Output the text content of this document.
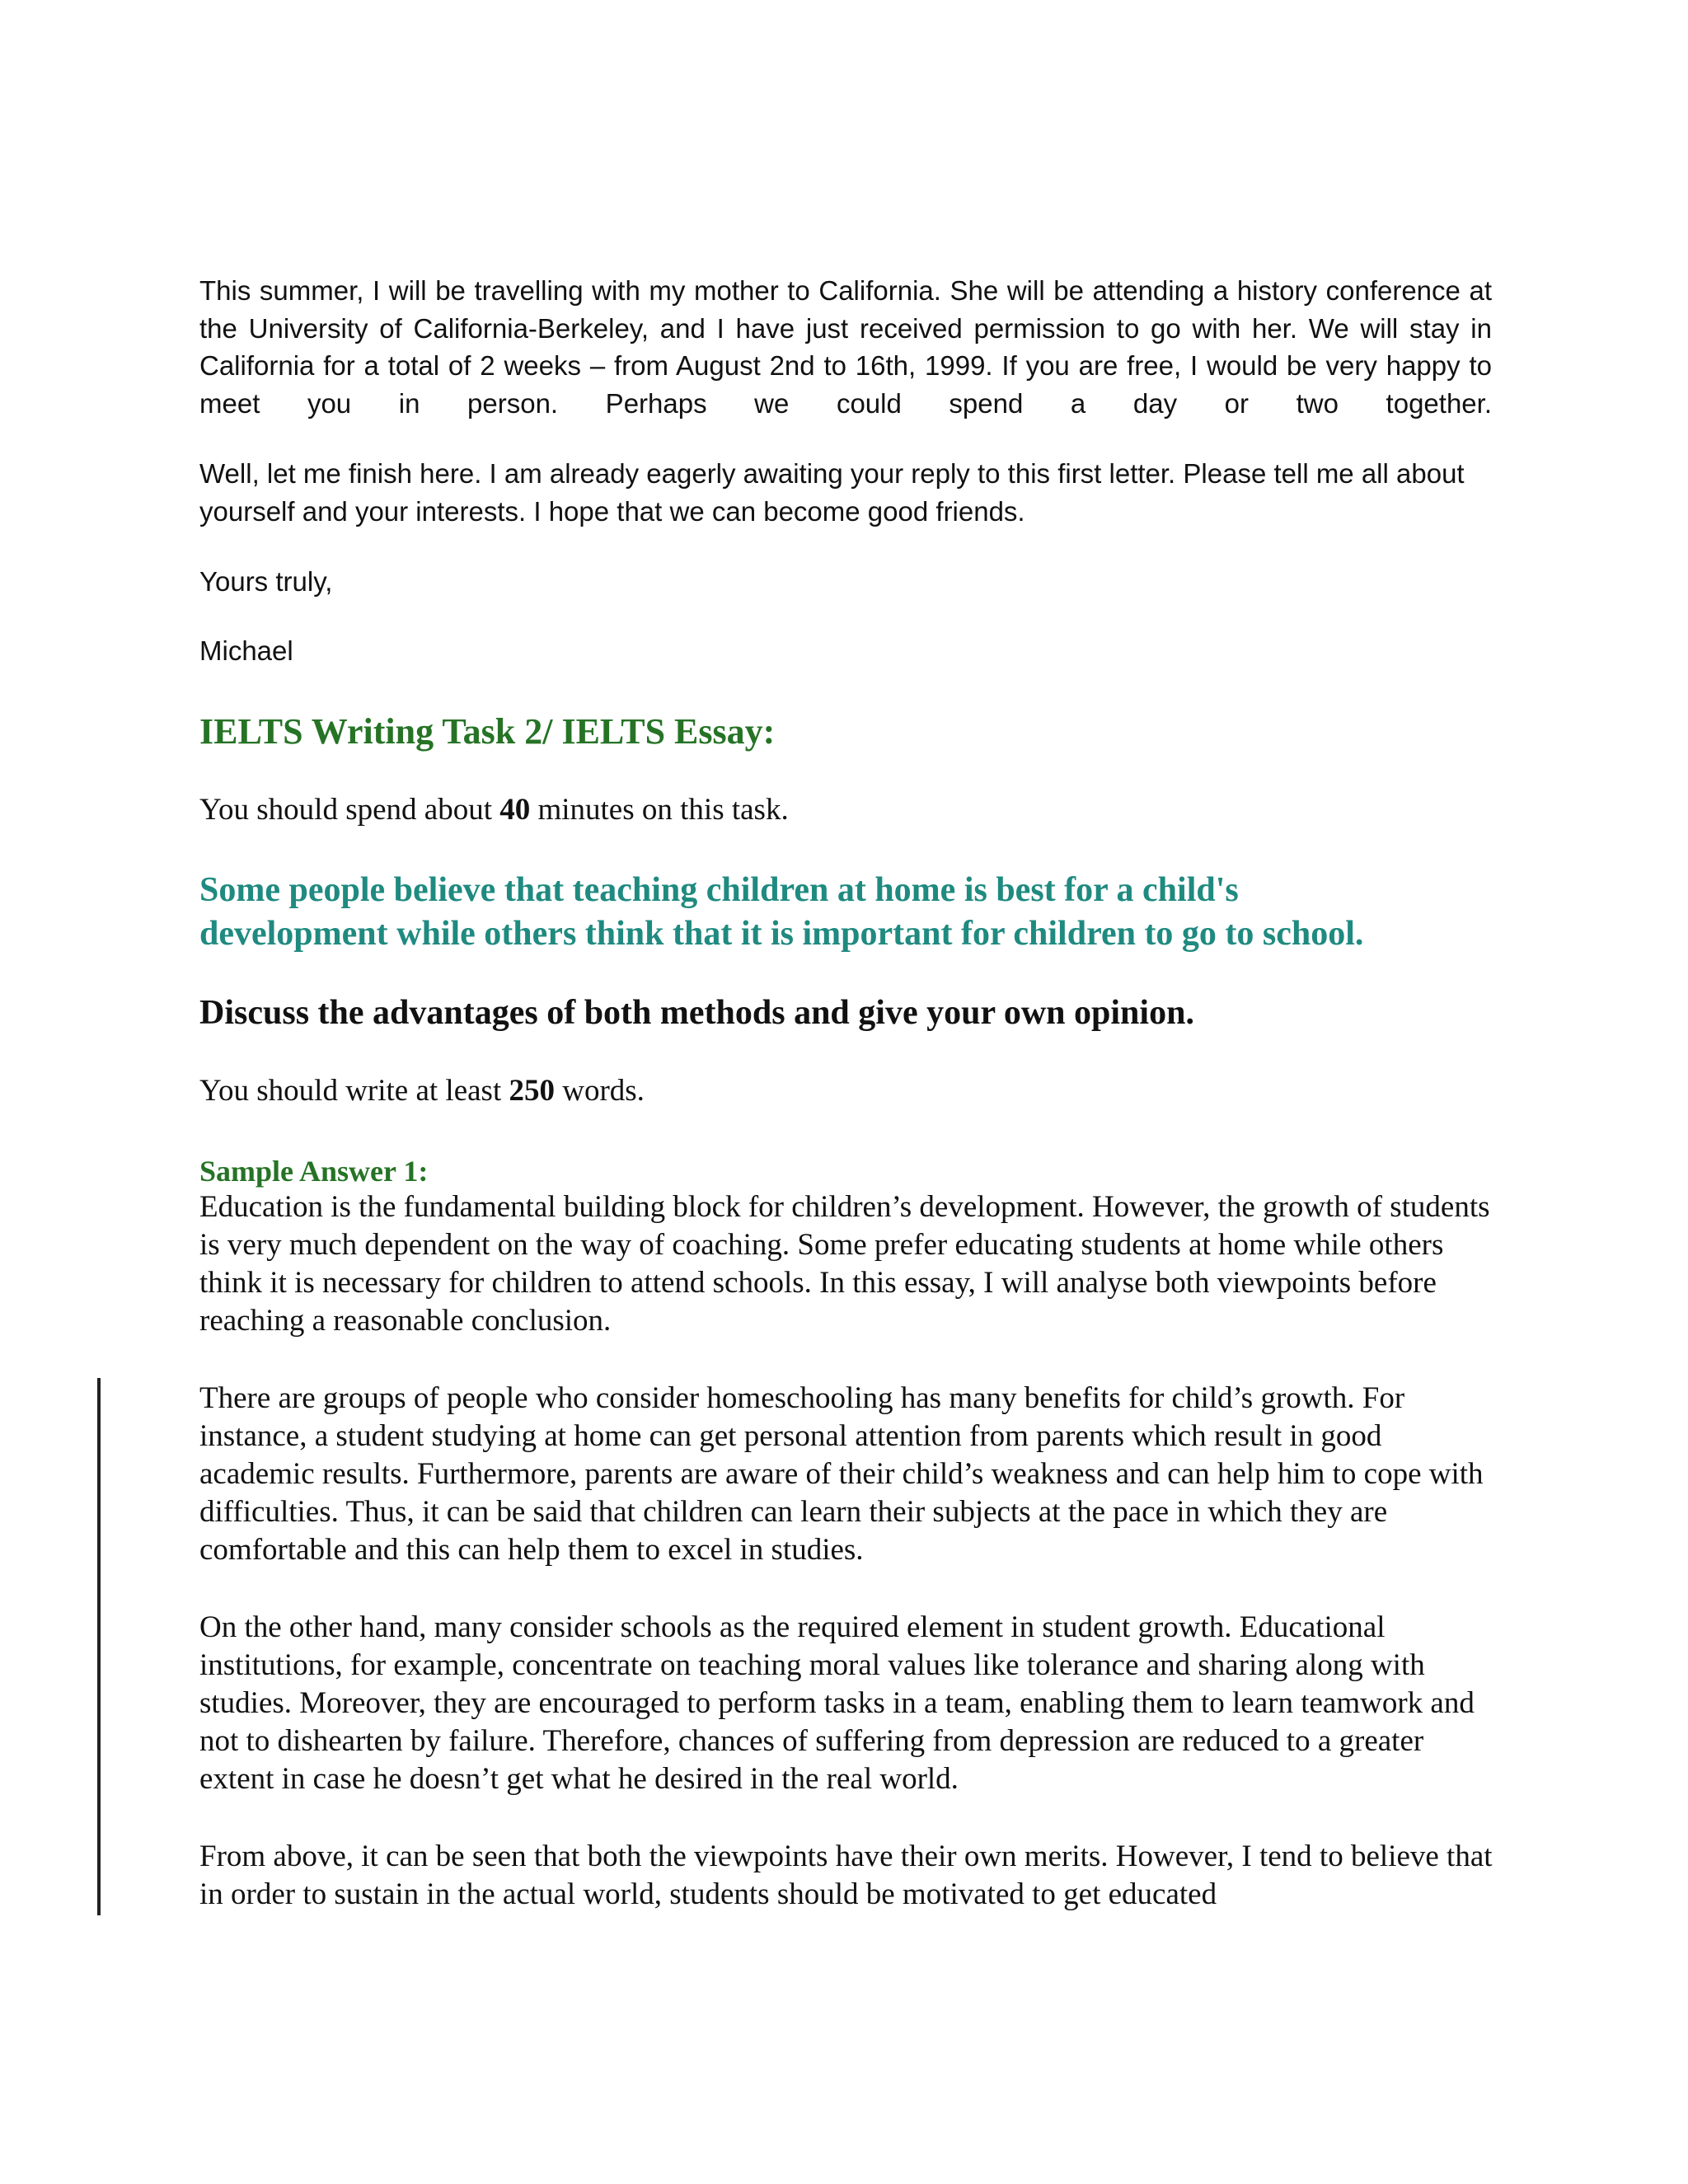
This summer, I will be travelling with my mother to California. She will be attending a history conference at the University of California-Berkeley, and I have just received permission to go with her. We will stay in California for a total of 2 weeks – from August 2nd to 16th, 1999. If you are free, I would be very happy to meet you in person. Perhaps we could spend a day or two together.

Well, let me finish here. I am already eagerly awaiting your reply to this first letter. Please tell me all about yourself and your interests. I hope that we can become good friends.

Yours truly,

Michael

IELTS Writing Task 2/ IELTS Essay:

You should spend about 40 minutes on this task.

Some people believe that teaching children at home is best for a child's
development while others think that it is important for children to go to school.

Discuss the advantages of both methods and give your own opinion.

You should write at least 250 words.

Sample Answer 1:

Education is the fundamental building block for children’s development. However, the growth of students is very much dependent on the way of coaching. Some prefer educating students at home while others think it is necessary for children to attend schools. In this essay, I will analyse both viewpoints before reaching a reasonable conclusion.

There are groups of people who consider homeschooling has many benefits for child’s growth. For instance, a student studying at home can get personal attention from parents which result in good academic results. Furthermore, parents are aware of their child’s weakness and can help him to cope with difficulties. Thus, it can be said that children can learn their subjects at the pace in which they are comfortable and this can help them to excel in studies.

On the other hand, many consider schools as the required element in student growth. Educational institutions, for example, concentrate on teaching moral values like tolerance and sharing along with studies. Moreover, they are encouraged to perform tasks in a team, enabling them to learn teamwork and not to dishearten by failure. Therefore, chances of suffering from depression are reduced to a greater extent in case he doesn’t get what he desired in the real world.

From above, it can be seen that both the viewpoints have their own merits. However, I tend to believe that in order to sustain in the actual world, students should be motivated to get educated
